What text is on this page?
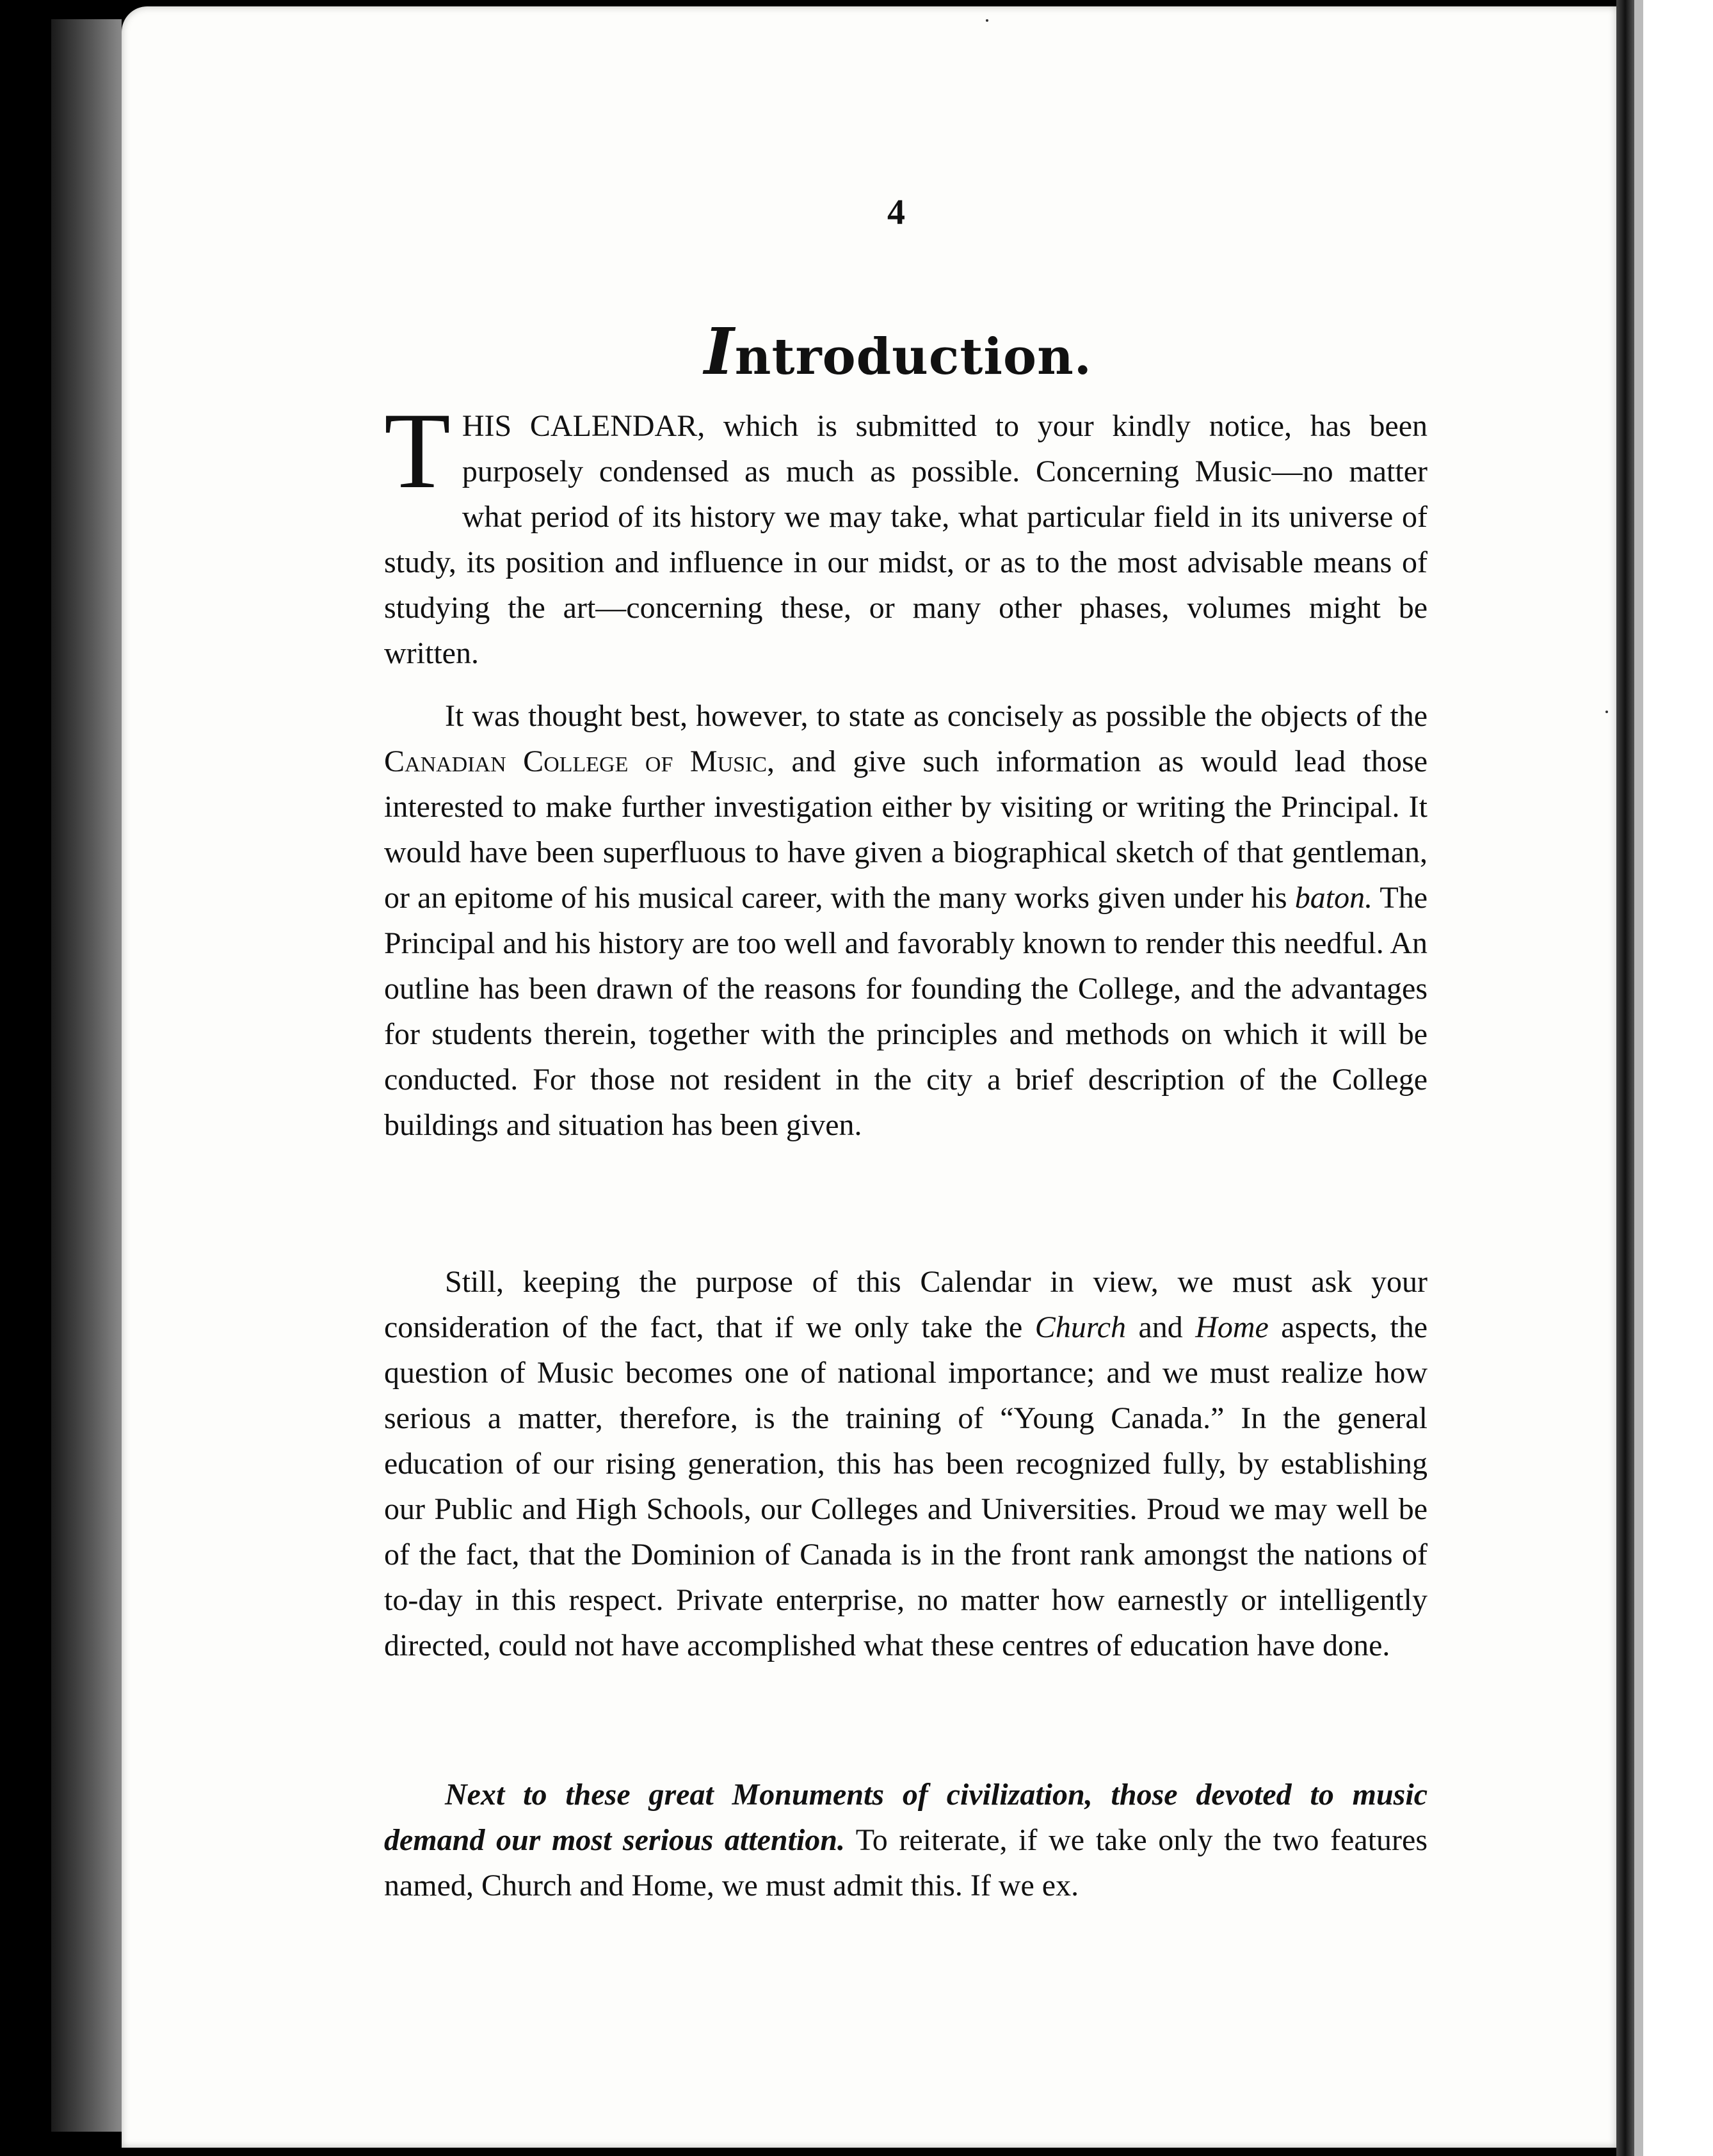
4
Introduction.
THIS CALENDAR, which is submitted to your kindly notice, has been purposely condensed as much as possible. Concerning Music—no matter what period of its history we may take, what particular field in its universe of study, its position and influence in our midst, or as to the most advisable means of studying the art—concerning these, or many other phases, volumes might be written.
It was thought best, however, to state as concisely as possible the objects of the Canadian College of Music, and give such information as would lead those interested to make further investigation either by visiting or writing the Principal. It would have been superfluous to have given a biographical sketch of that gentleman, or an epitome of his musical career, with the many works given under his baton. The Principal and his history are too well and favorably known to render this needful. An outline has been drawn of the reasons for founding the College, and the advantages for students therein, together with the principles and methods on which it will be conducted. For those not resident in the city a brief description of the College buildings and situation has been given.
Still, keeping the purpose of this Calendar in view, we must ask your consideration of the fact, that if we only take the Church and Home aspects, the question of Music becomes one of national importance; and we must realize how serious a matter, therefore, is the training of “Young Canada.” In the general education of our rising generation, this has been recognized fully, by establishing our Public and High Schools, our Colleges and Universities. Proud we may well be of the fact, that the Dominion of Canada is in the front rank amongst the nations of to-day in this respect. Private enterprise, no matter how earnestly or intelligently directed, could not have accomplished what these centres of education have done.
Next to these great Monuments of civilization, those devoted to music demand our most serious attention. To reiterate, if we take only the two features named, Church and Home, we must admit this. If we ex.
